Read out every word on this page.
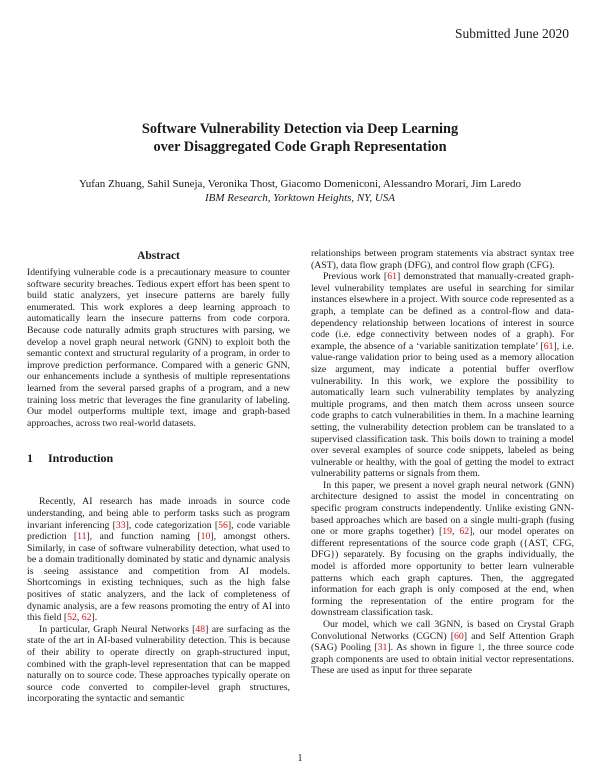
Submitted June 2020
Software Vulnerability Detection via Deep Learning
over Disaggregated Code Graph Representation
Yufan Zhuang, Sahil Suneja, Veronika Thost, Giacomo Domeniconi, Alessandro Morari, Jim Laredo
IBM Research, Yorktown Heights, NY, USA
Abstract

Identifying vulnerable code is a precautionary measure to counter software security breaches. Tedious expert effort has been spent to build static analyzers, yet insecure patterns are barely fully enumerated. This work explores a deep learning approach to automatically learn the insecure patterns from code corpora. Because code naturally admits graph structures with parsing, we develop a novel graph neural network (GNN) to exploit both the semantic context and structural regularity of a program, in order to improve prediction performance. Compared with a generic GNN, our enhancements include a synthesis of multiple representations learned from the several parsed graphs of a program, and a new training loss metric that leverages the fine granularity of labeling. Our model outperforms multiple text, image and graph-based approaches, across two real-world datasets.

1 Introduction

Recently, AI research has made inroads in source code understanding, and being able to perform tasks such as program invariant inferencing [33], code categorization [56], code variable prediction [11], and function naming [10], amongst others. Similarly, in case of software vulnerability detection, what used to be a domain traditionally dominated by static and dynamic analysis is seeing assistance and competition from AI models. Shortcomings in existing techniques, such as the high false positives of static analyzers, and the lack of completeness of dynamic analysis, are a few reasons promoting the entry of AI into this field [52, 62].

In particular, Graph Neural Networks [48] are surfacing as the state of the art in AI-based vulnerability detection. This is because of their ability to operate directly on graph-structured input, combined with the graph-level representation that can be mapped naturally on to source code. These approaches typically operate on source code converted to compiler-level graph structures, incorporating the syntactic and semantic

relationships between program statements via abstract syntax tree (AST), data flow graph (DFG), and control flow graph (CFG).

Previous work [61] demonstrated that manually-created graph-level vulnerability templates are useful in searching for similar instances elsewhere in a project. With source code represented as a graph, a template can be defined as a control-flow and data-dependency relationship between locations of interest in source code (i.e. edge connectivity between nodes of a graph). For example, the absence of a ‘variable sanitization template’ [61], i.e. value-range validation prior to being used as a memory allocation size argument, may indicate a potential buffer overflow vulnerability. In this work, we explore the possibility to automatically learn such vulnerability templates by analyzing multiple programs, and then match them across unseen source code graphs to catch vulnerabilities in them. In a machine learning setting, the vulnerability detection problem can be translated to a supervised classification task. This boils down to training a model over several examples of source code snippets, labeled as being vulnerable or healthy, with the goal of getting the model to extract vulnerability patterns or signals from them.

In this paper, we present a novel graph neural network (GNN) architecture designed to assist the model in concentrating on specific program constructs independently. Unlike existing GNN-based approaches which are based on a single multi-graph (fusing one or more graphs together) [19, 62], our model operates on different representations of the source code graph ({AST, CFG, DFG}) separately. By focusing on the graphs individually, the model is afforded more opportunity to better learn vulnerable patterns which each graph captures. Then, the aggregated information for each graph is only composed at the end, when forming the representation of the entire program for the downstream classification task.

Our model, which we call 3GNN, is based on Crystal Graph Convolutional Networks (CGCN) [60] and Self Attention Graph (SAG) Pooling [31]. As shown in figure 1, the three source code graph components are used to obtain initial vector representations. These are used as input for three separate

1
